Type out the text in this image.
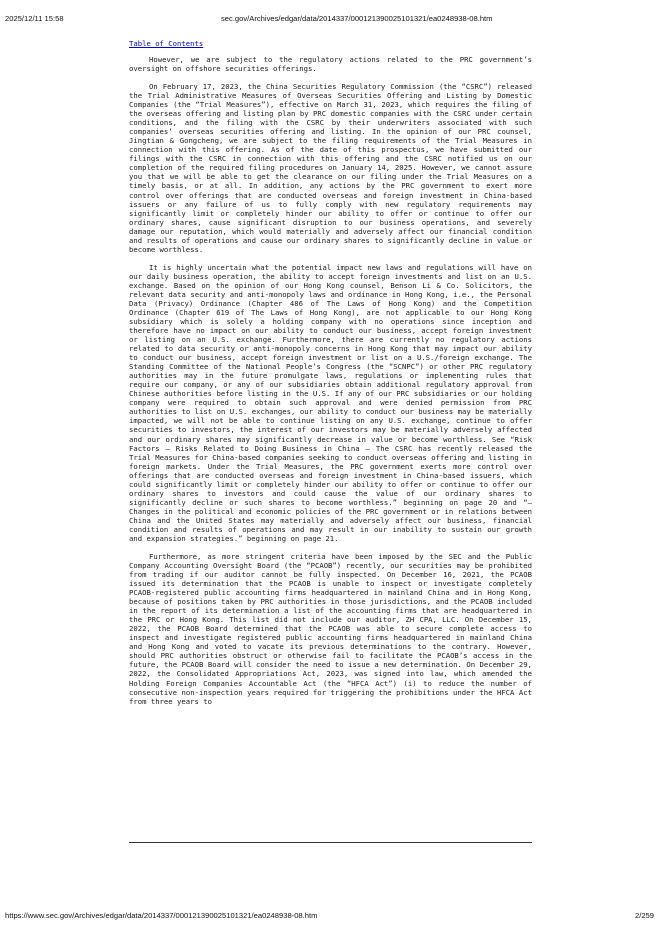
2025/12/11 15:58	sec.gov/Archives/edgar/data/2014337/000121390025101321/ea0248938-08.htm
Table of Contents

However, we are subject to the regulatory actions related to the PRC government’s oversight on offshore securities offerings.

On February 17, 2023, the China Securities Regulatory Commission (the “CSRC”) released the Trial Administrative Measures of Overseas Securities Offering and Listing by Domestic Companies (the “Trial Measures”), effective on March 31, 2023, which requires the filing of the overseas offering and listing plan by PRC domestic companies with the CSRC under certain conditions, and the filing with the CSRC by their underwriters associated with such companies’ overseas securities offering and listing. In the opinion of our PRC counsel, Jingtian & Gongcheng, we are subject to the filing requirements of the Trial Measures in connection with this offering. As of the date of this prospectus, we have submitted our filings with the CSRC in connection with this offering and the CSRC notified us on our completion of the required filing procedures on January 14, 2025. However, we cannot assure you that we will be able to get the clearance on our filing under the Trial Measures on a timely basis, or at all. In addition, any actions by the PRC government to exert more control over offerings that are conducted overseas and foreign investment in China-based issuers or any failure of us to fully comply with new regulatory requirements may significantly limit or completely hinder our ability to offer or continue to offer our ordinary shares, cause significant disruption to our business operations, and severely damage our reputation, which would materially and adversely affect our financial condition and results of operations and cause our ordinary shares to significantly decline in value or become worthless.

It is highly uncertain what the potential impact new laws and regulations will have on our daily business operation, the ability to accept foreign investments and list on an U.S. exchange. Based on the opinion of our Hong Kong counsel, Benson Li & Co. Solicitors, the relevant data security and anti-monopoly laws and ordinance in Hong Kong, i.e., the Personal Data (Privacy) Ordinance (Chapter 486 of The Laws of Hong Kong) and the Competition Ordinance (Chapter 619 of The Laws of Hong Kong), are not applicable to our Hong Kong subsidiary which is solely a holding company with no operations since inception and therefore have no impact on our ability to conduct our business, accept foreign investment or listing on an U.S. exchange. Furthermore, there are currently no regulatory actions related to data security or anti-monopoly concerns in Hong Kong that may impact our ability to conduct our business, accept foreign investment or list on a U.S./foreign exchange. The Standing Committee of the National People’s Congress (the “SCNPC”) or other PRC regulatory authorities may in the future promulgate laws, regulations or implementing rules that require our company, or any of our subsidiaries obtain additional regulatory approval from Chinese authorities before listing in the U.S. If any of our PRC subsidiaries or our holding company were required to obtain such approval and were denied permission from PRC authorities to list on U.S. exchanges, our ability to conduct our business may be materially impacted, we will not be able to continue listing on any U.S. exchange, continue to offer securities to investors, the interest of our investors may be materially adversely affected and our ordinary shares may significantly decrease in value or become worthless. See “Risk Factors — Risks Related to Doing Business in China — The CSRC has recently released the Trial Measures for China-based companies seeking to conduct overseas offering and listing in foreign markets. Under the Trial Measures, the PRC government exerts more control over offerings that are conducted overseas and foreign investment in China-based issuers, which could significantly limit or completely hinder our ability to offer or continue to offer our ordinary shares to investors and could cause the value of our ordinary shares to significantly decline or such shares to become worthless.” beginning on page 20 and “— Changes in the political and economic policies of the PRC government or in relations between China and the United States may materially and adversely affect our business, financial condition and results of operations and may result in our inability to sustain our growth and expansion strategies.” beginning on page 21.

Furthermore, as more stringent criteria have been imposed by the SEC and the Public Company Accounting Oversight Board (the “PCAOB”) recently, our securities may be prohibited from trading if our auditor cannot be fully inspected. On December 16, 2021, the PCAOB issued its determination that the PCAOB is unable to inspect or investigate completely PCAOB-registered public accounting firms headquartered in mainland China and in Hong Kong, because of positions taken by PRC authorities in those jurisdictions, and the PCAOB included in the report of its determination a list of the accounting firms that are headquartered in the PRC or Hong Kong. This list did not include our auditor, ZH CPA, LLC. On December 15, 2022, the PCAOB Board determined that the PCAOB was able to secure complete access to inspect and investigate registered public accounting firms headquartered in mainland China and Hong Kong and voted to vacate its previous determinations to the contrary. However, should PRC authorities obstruct or otherwise fail to facilitate the PCAOB’s access in the future, the PCAOB Board will consider the need to issue a new determination. On December 29, 2022, the Consolidated Appropriations Act, 2023, was signed into law, which amended the Holding Foreign Companies Accountable Act (the “HFCA Act”) (i) to reduce the number of consecutive non-inspection years required for triggering the prohibitions under the HFCA Act from three years to

https://www.sec.gov/Archives/edgar/data/2014337/000121390025101321/ea0248938-08.htm	2/259
